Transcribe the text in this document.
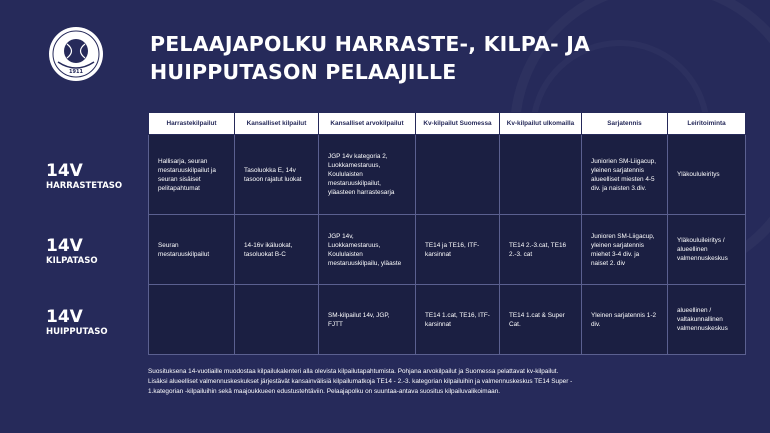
1911
PELAAJAPOLKU HARRASTE-, KILPA- JA
HUIPPUTASON PELAAJILLE
14V
HARRASTETASO
14V
KILPATASO
14V
HUIPPUTASO
Harrastekilpailut	Kansalliset kilpailut	Kansalliset arvokilpailut	Kv-kilpailut Suomessa	Kv-kilpailut ulkomailla	Sarjatennis	Leiritoiminta
Hallisarja, seuran mestaruuskilpailut ja seuran sisäiset pelitapahtumat	Tasoluokka E, 14v tasoon rajatut luokat	JGP 14v kategoria 2, Luokkamestaruus, Koululaisten mestaruuskilpailut, yläasteen harrastesarja			Juniorien SM-Liigacup, yleinen sarjatennis alueelliset miesten 4-5 div. ja naisten 3.div.	Yläkoululeiritys
Seuran mestaruuskilpailut	14-16v ikäluokat, tasoluokat B-C	JGP 14v, Luokkamestaruus, Koululaisten mestaruuskilpailu, yläaste	TE14 ja TE16, ITF-karsinnat	TE14 2.-3.cat, TE16 2.-3. cat	Junioren SM-Liigacup, yleinen sarjatennis miehet 3-4 div. ja naiset 2. div	Yläkouluileiritys / alueellinen valmennuskeskus
		SM-kilpailut 14v, JGP, FJTT	TE14 1.cat, TE16, ITF-karsinnat	TE14 1.cat & Super Cat.	Yleinen sarjatennis 1-2 div.	alueellinen / valtakunnallinen valmennuskeskus
Suosituksena 14-vuotiaille muodostaa kilpailukalenteri alla olevista kilpailutapahtumista. Pohjana arvokilpailut ja Suomessa pelattavat kv-kilpailut. Lisäksi alueelliset valmennuskeskukset järjestävät kansainvälisiä kilpailumatkoja TE14 - 2.-3. kategorian kilpailuihin ja valmennuskeskus TE14 Super - 1.kategorian -kilpailuihin sekä maajoukkueen edustustehtäviin. Pelaajapolku on suuntaa-antava suositus kilpailuvalikoimaan.
